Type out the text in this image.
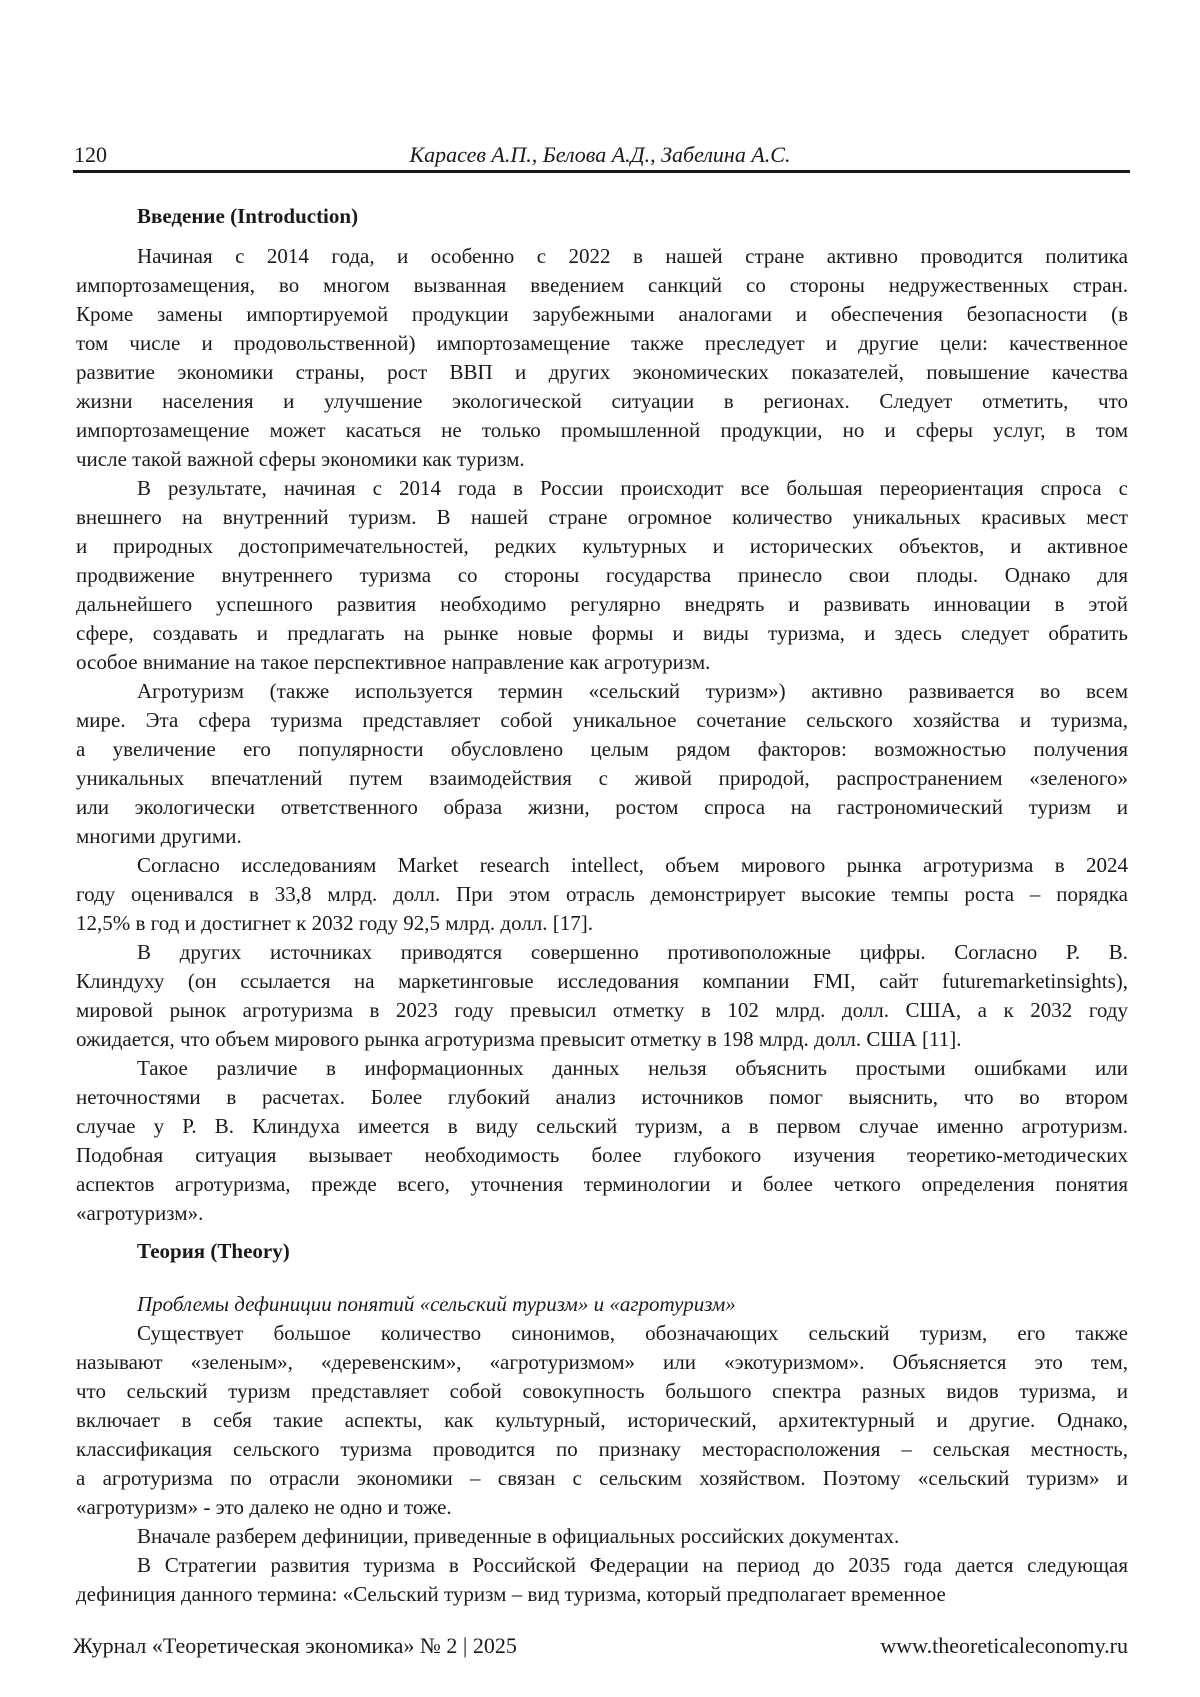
120	Карасев А.П., Белова А.Д., Забелина А.С.
Введение (Introduction)
Начиная с 2014 года, и особенно с 2022 в нашей стране активно проводится политика
импортозамещения, во многом вызванная введением санкций со стороны недружественных стран.
Кроме замены импортируемой продукции зарубежными аналогами и обеспечения безопасности (в
том числе и продовольственной) импортозамещение также преследует и другие цели: качественное
развитие экономики страны, рост ВВП и других экономических показателей, повышение качества
жизни населения и улучшение экологической ситуации в регионах. Следует отметить, что
импортозамещение может касаться не только промышленной продукции, но и сферы услуг, в том
числе такой важной сферы экономики как туризм.
В результате, начиная с 2014 года в России происходит все большая переориентация спроса с
внешнего на внутренний туризм. В нашей стране огромное количество уникальных красивых мест
и природных достопримечательностей, редких культурных и исторических объектов, и активное
продвижение внутреннего туризма со стороны государства принесло свои плоды. Однако для
дальнейшего успешного развития необходимо регулярно внедрять и развивать инновации в этой
сфере, создавать и предлагать на рынке новые формы и виды туризма, и здесь следует обратить
особое внимание на такое перспективное направление как агротуризм.
Агротуризм (также используется термин «сельский туризм») активно развивается во всем
мире. Эта сфера туризма представляет собой уникальное сочетание сельского хозяйства и туризма,
а увеличение его популярности обусловлено целым рядом факторов: возможностью получения
уникальных впечатлений путем взаимодействия с живой природой, распространением «зеленого»
или экологически ответственного образа жизни, ростом спроса на гастрономический туризм и
многими другими.
Согласно исследованиям Market research intellect, объем мирового рынка агротуризма в 2024
году оценивался в 33,8 млрд. долл. При этом отрасль демонстрирует высокие темпы роста – порядка
12,5% в год и достигнет к 2032 году 92,5 млрд. долл. [17].
В других источниках приводятся совершенно противоположные цифры. Согласно Р. В.
Клиндуху (он ссылается на маркетинговые исследования компании FMI, сайт futuremarketinsights),
мировой рынок агротуризма в 2023 году превысил отметку в 102 млрд. долл. США, а к 2032 году
ожидается, что объем мирового рынка агротуризма превысит отметку в 198 млрд. долл. США [11].
Такое различие в информационных данных нельзя объяснить простыми ошибками или
неточностями в расчетах. Более глубокий анализ источников помог выяснить, что во втором
случае у Р. В. Клиндуха имеется в виду сельский туризм, а в первом случае именно агротуризм.
Подобная ситуация вызывает необходимость более глубокого изучения теоретико-методических
аспектов агротуризма, прежде всего, уточнения терминологии и более четкого определения понятия
«агротуризм».
Теория (Theory)
Проблемы дефиниции понятий «сельский туризм» и «агротуризм»
Существует большое количество синонимов, обозначающих сельский туризм, его также
называют «зеленым», «деревенским», «агротуризмом» или «экотуризмом». Объясняется это тем,
что сельский туризм представляет собой совокупность большого спектра разных видов туризма, и
включает в себя такие аспекты, как культурный, исторический, архитектурный и другие. Однако,
классификация сельского туризма проводится по признаку месторасположения – сельская местность,
а агротуризма по отрасли экономики – связан с сельским хозяйством. Поэтому «сельский туризм» и
«агротуризм» - это далеко не одно и тоже.
Вначале разберем дефиниции, приведенные в официальных российских документах.
В Стратегии развития туризма в Российской Федерации на период до 2035 года дается следующая
дефиниция данного термина: «Сельский туризм – вид туризма, который предполагает временное
Журнал «Теоретическая экономика» № 2 | 2025	www.theoreticaleconomy.ru
